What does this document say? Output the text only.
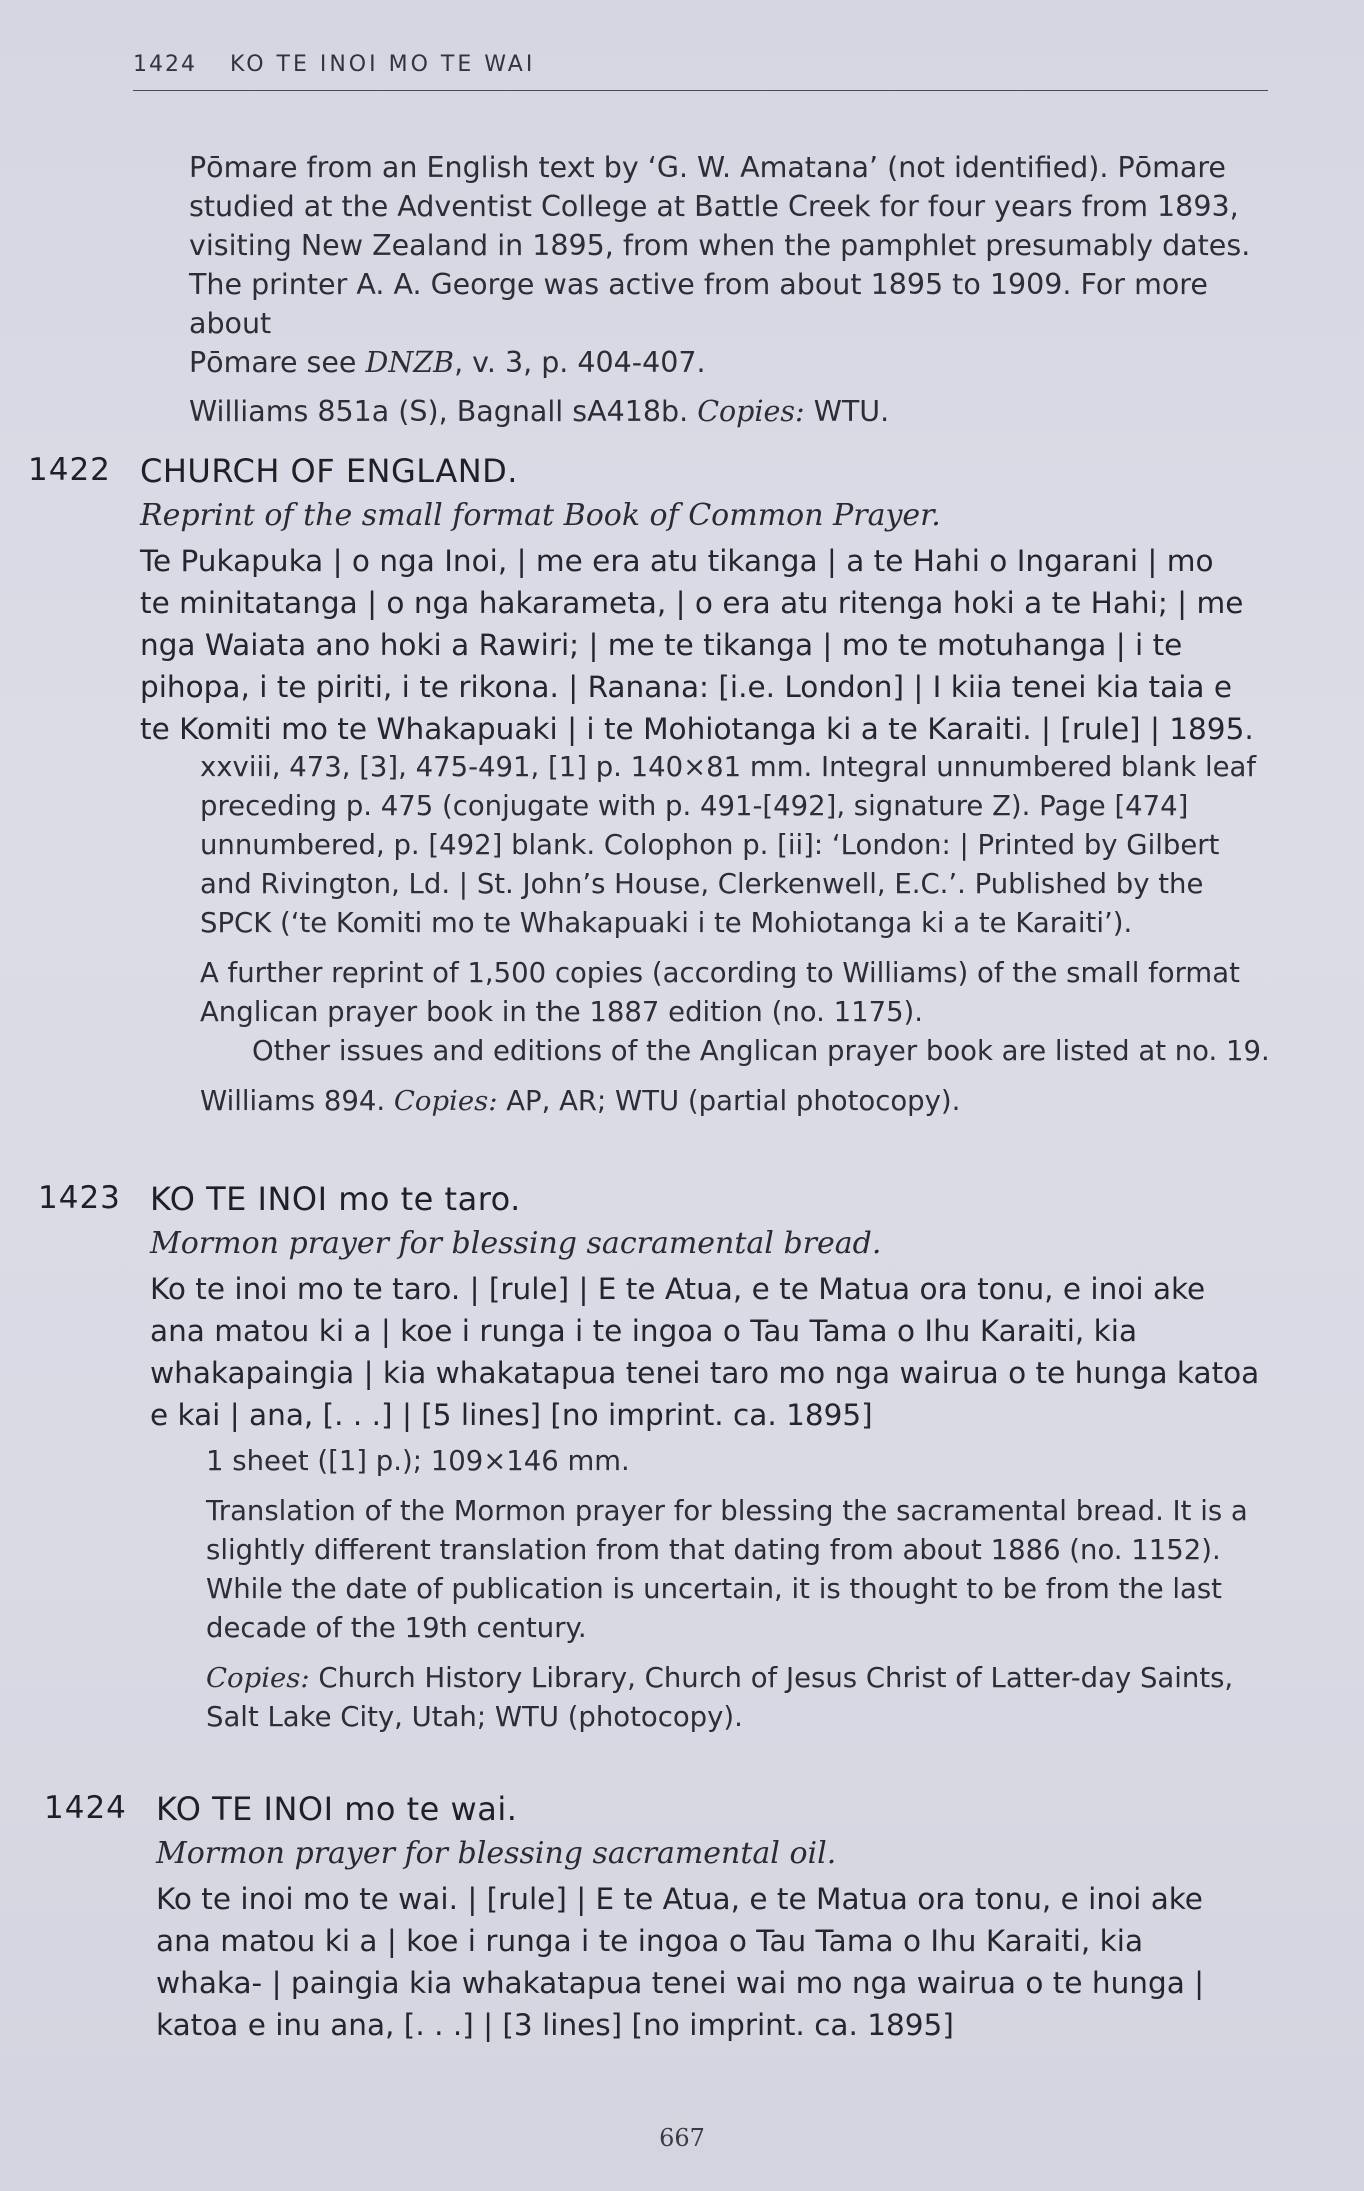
1424 KO TE INOI MO TE WAI

Pōmare from an English text by ‘G. W. Amatana’ (not identified). Pōmare

studied at the Adventist College at Battle Creek for four years from 1893,

visiting New Zealand in 1895, from when the pamphlet presumably dates.

The printer A. A. George was active from about 1895 to 1909. For more about

Pōmare see DNZB, v. 3, p. 404-407.

Williams 851a (S), Bagnall sA418b. Copies: WTU.

1422 CHURCH OF ENGLAND.
Reprint of the small format Book of Common Prayer.
Te Pukapuka | o nga Inoi, | me era atu tikanga | a te Hahi o Ingarani | mo
te minitatanga | o nga hakarameta, | o era atu ritenga hoki a te Hahi; | me
nga Waiata ano hoki a Rawiri; | me te tikanga | mo te motuhanga | i te
pihopa, i te piriti, i te rikona. | Ranana: [i.e. London] | I kiia tenei kia taia e
te Komiti mo te Whakapuaki | i te Mohiotanga ki a te Karaiti. | [rule] | 1895.

xxviii, 473, [3], 475-491, [1] p. 140×81 mm. Integral unnumbered blank leaf

preceding p. 475 (conjugate with p. 491-[492], signature Z). Page [474]

unnumbered, p. [492] blank. Colophon p. [ii]: ‘London: | Printed by Gilbert

and Rivington, Ld. | St. John’s House, Clerkenwell, E.C.’. Published by the

SPCK (‘te Komiti mo te Whakapuaki i te Mohiotanga ki a te Karaiti’).

A further reprint of 1,500 copies (according to Williams) of the small format

Anglican prayer book in the 1887 edition (no. 1175).

Other issues and editions of the Anglican prayer book are listed at no. 19.

Williams 894. Copies: AP, AR; WTU (partial photocopy).

1423 KO TE INOI mo te taro.
Mormon prayer for blessing sacramental bread.
Ko te inoi mo te taro. | [rule] | E te Atua, e te Matua ora tonu, e inoi ake
ana matou ki a | koe i runga i te ingoa o Tau Tama o Ihu Karaiti, kia
whakapaingia | kia whakatapua tenei taro mo nga wairua o te hunga katoa
e kai | ana, [. . .] | [5 lines] [no imprint. ca. 1895]

1 sheet ([1] p.); 109×146 mm.

Translation of the Mormon prayer for blessing the sacramental bread. It is a

slightly different translation from that dating from about 1886 (no. 1152).

While the date of publication is uncertain, it is thought to be from the last

decade of the 19th century.

Copies: Church History Library, Church of Jesus Christ of Latter-day Saints,

Salt Lake City, Utah; WTU (photocopy).

1424 KO TE INOI mo te wai.
Mormon prayer for blessing sacramental oil.
Ko te inoi mo te wai. | [rule] | E te Atua, e te Matua ora tonu, e inoi ake
ana matou ki a | koe i runga i te ingoa o Tau Tama o Ihu Karaiti, kia
whaka- | paingia kia whakatapua tenei wai mo nga wairua o te hunga |
katoa e inu ana, [. . .] | [3 lines] [no imprint. ca. 1895]
667
